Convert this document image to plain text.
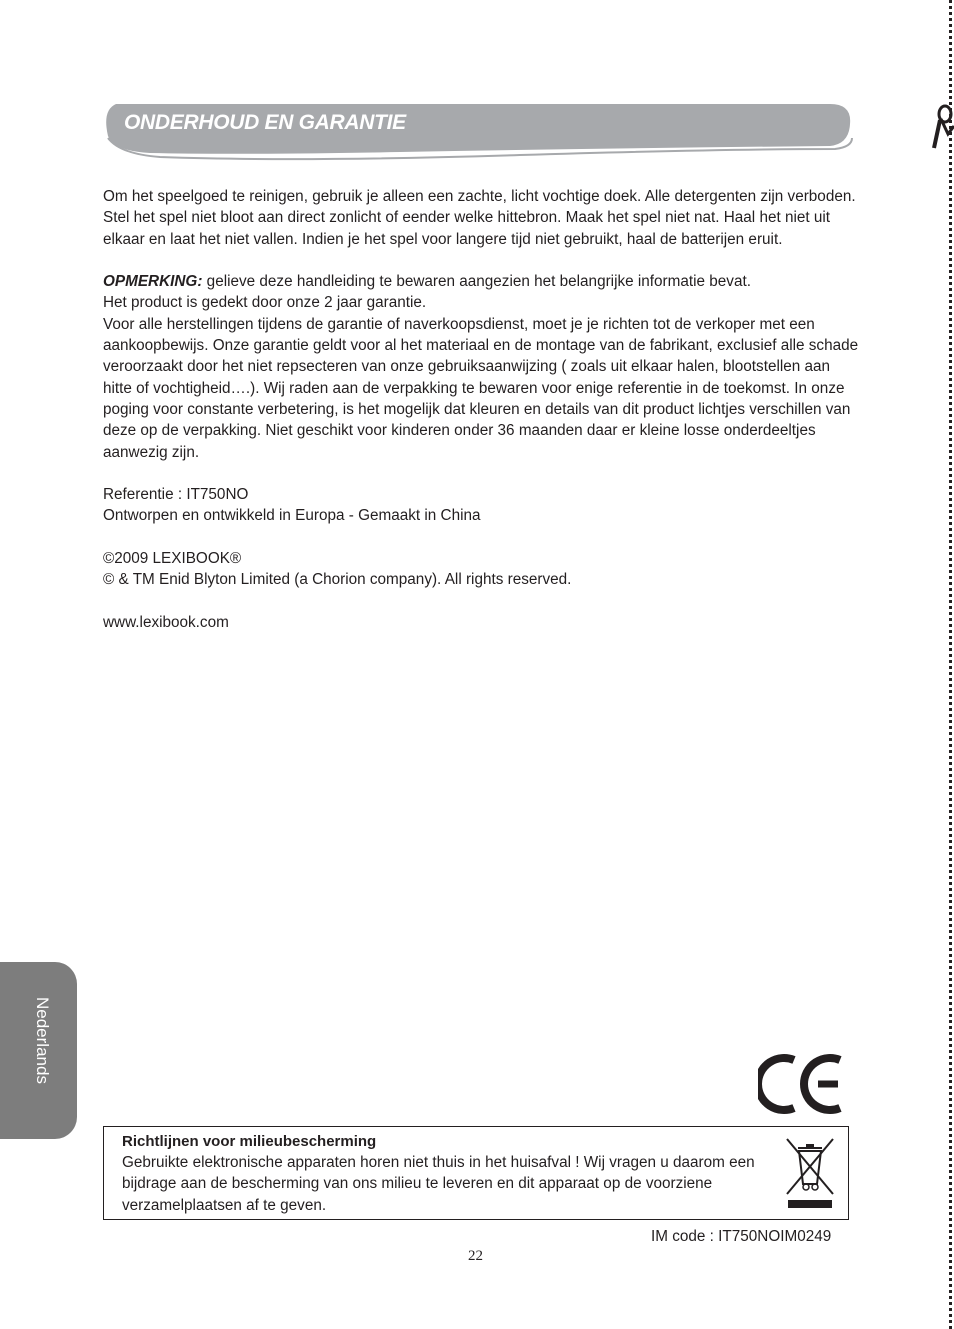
ONDERHOUD EN GARANTIE

Om het speelgoed te reinigen, gebruik je alleen een zachte, licht vochtige doek. Alle detergenten zijn verboden. Stel het spel niet bloot aan direct zonlicht of eender welke hittebron. Maak het spel niet nat. Haal het niet uit elkaar en laat het niet vallen. Indien je het spel voor langere tijd niet gebruikt, haal de batterijen eruit.

OPMERKING: gelieve deze handleiding te bewaren aangezien het belangrijke informatie bevat.

Het product is gedekt door onze 2 jaar garantie.

Voor alle herstellingen tijdens de garantie of naverkoopsdienst, moet je je richten tot de verkoper met een aankoopbewijs. Onze garantie geldt voor al het materiaal en de montage van de fabrikant, exclusief alle schade veroorzaakt door het niet repsecteren van onze gebruiksaanwijzing ( zoals uit elkaar halen, blootstellen aan hitte of vochtigheid….). Wij raden aan de verpakking te bewaren voor enige referentie in de toekomst. In onze poging voor constante verbetering, is het mogelijk dat kleuren en details van dit product lichtjes verschillen van deze op de verpakking. Niet geschikt voor kinderen onder 36 maanden daar er kleine losse onderdeeltjes aanwezig zijn.

Referentie : IT750NO

Ontworpen en ontwikkeld in Europa - Gemaakt in China

©2009 LEXIBOOK®

© & TM Enid Blyton Limited (a Chorion company). All rights reserved.

www.lexibook.com

Nederlands
Richtlijnen voor milieubescherming
Gebruikte elektronische apparaten horen niet thuis in het huisafval ! Wij vragen u daarom een bijdrage aan de bescherming van ons milieu te leveren en dit apparaat op de voorziene verzamelplaatsen af te geven.
IM code : IT750NOIM0249
22
